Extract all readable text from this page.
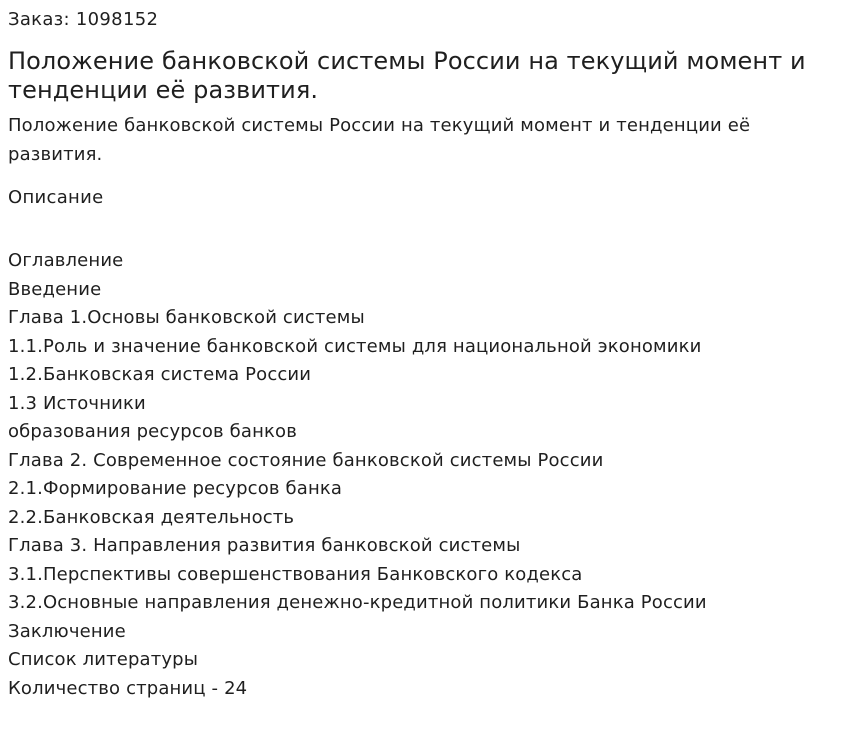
Заказ: 1098152

Положение банковской системы России на текущий момент и тенденции её развития.

Положение банковской системы России на текущий момент и тенденции её развития.

Описание

Оглавление
Введение
Глава 1.Основы банковской системы
1.1.Роль и значение банковской системы для национальной экономики
1.2.Банковская система России
1.3 Источники
образования ресурсов банков
Глава 2. Современное состояние банковской системы России
2.1.Формирование ресурсов банка
2.2.Банковская деятельность
Глава 3. Направления развития банковской системы
3.1.Перспективы совершенствования Банковского кодекса
3.2.Основные направления денежно-кредитной политики Банка России
Заключение
Список литературы
Количество страниц - 24
